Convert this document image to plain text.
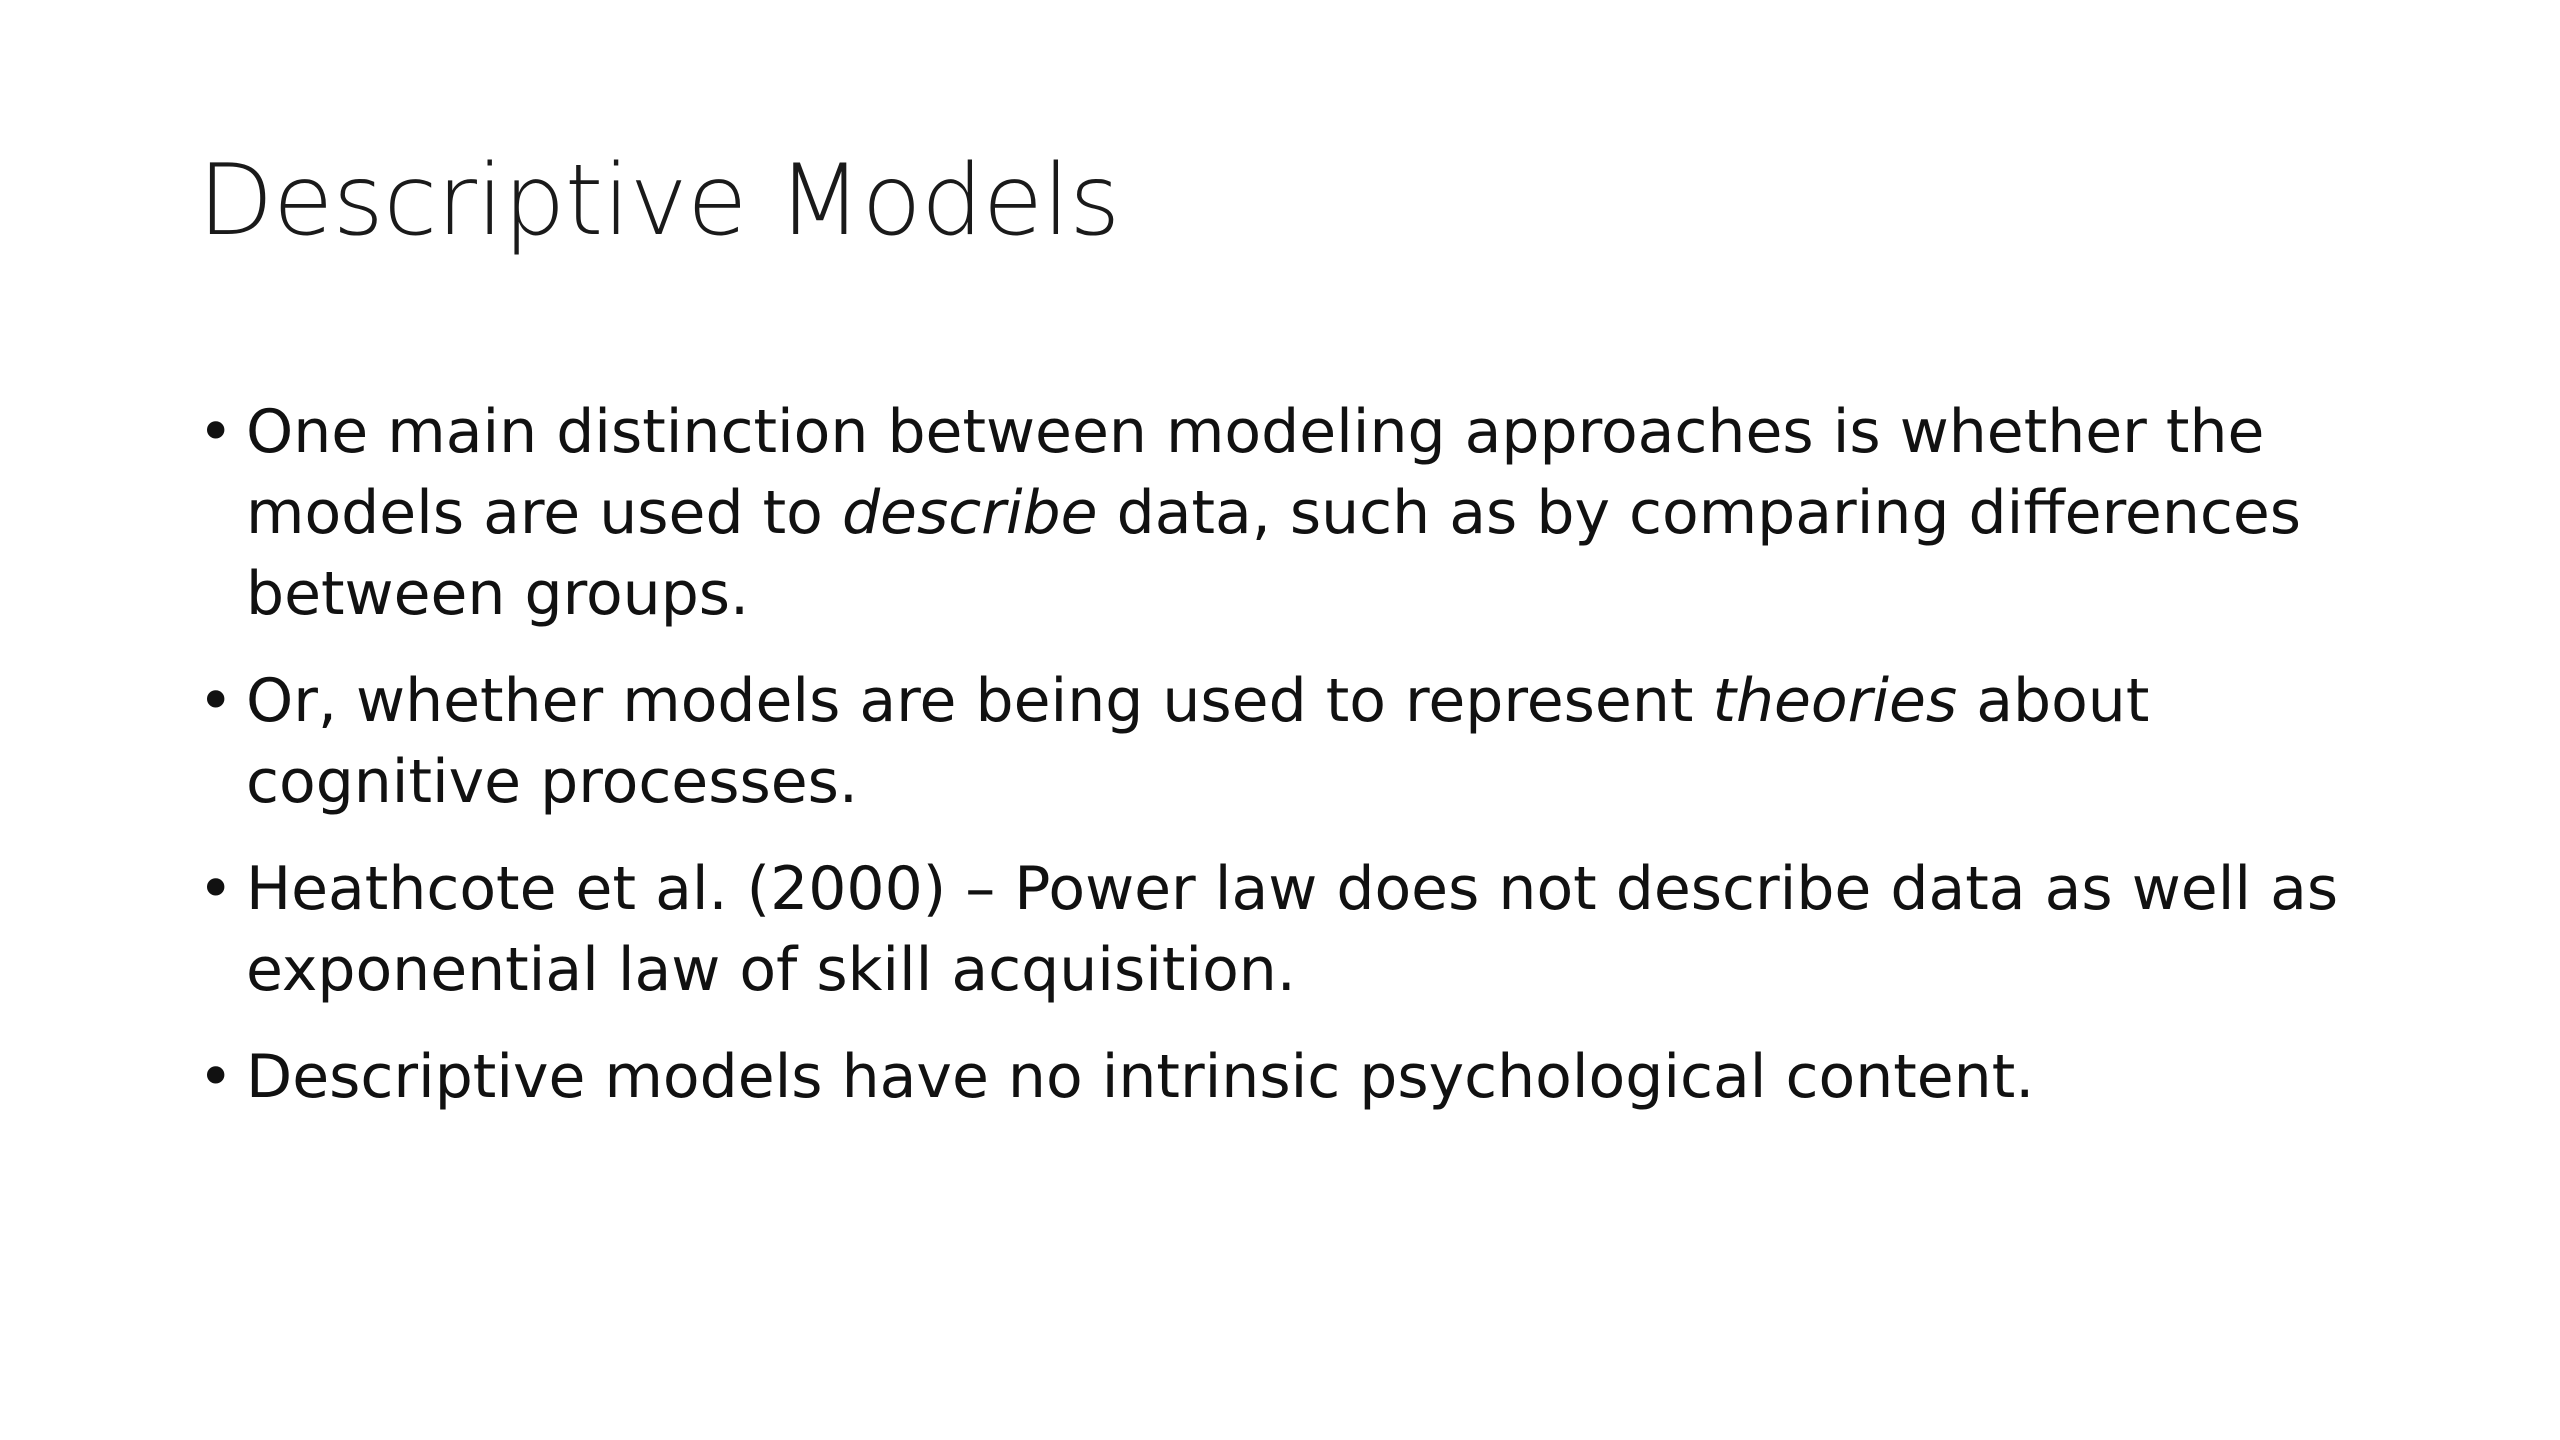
Descriptive Models
• One main distinction between modeling approaches is whether the models are used to describe data, such as by comparing differences between groups.
• Or, whether models are being used to represent theories about cognitive processes.
• Heathcote et al. (2000) – Power law does not describe data as well as exponential law of skill acquisition.
• Descriptive models have no intrinsic psychological content.
